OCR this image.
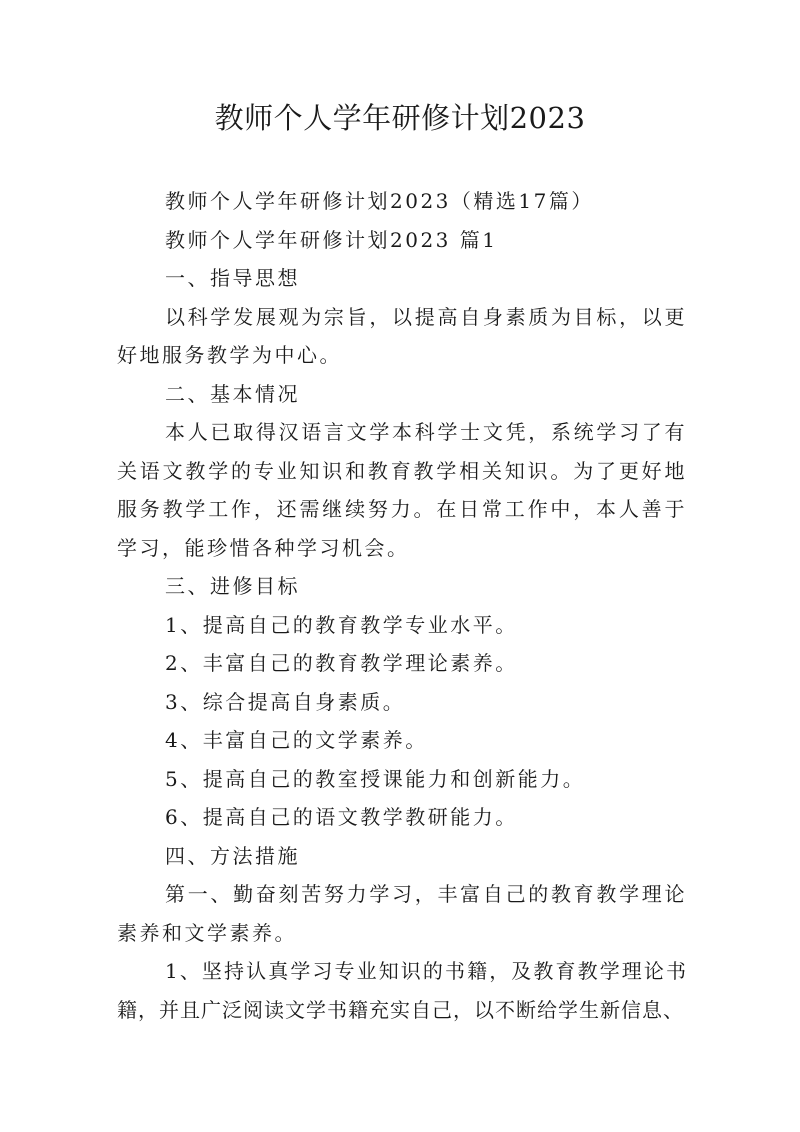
教师个人学年研修计划2023

教师个人学年研修计划2023（精选17篇）

教师个人学年研修计划2023 篇1

一、指导思想

以科学发展观为宗旨，以提高自身素质为目标，以更好地服务教学为中心。

二、基本情况

本人已取得汉语言文学本科学士文凭，系统学习了有关语文教学的专业知识和教育教学相关知识。为了更好地服务教学工作，还需继续努力。在日常工作中，本人善于学习，能珍惜各种学习机会。

三、进修目标

1、提高自己的教育教学专业水平。

2、丰富自己的教育教学理论素养。

3、综合提高自身素质。

4、丰富自己的文学素养。

5、提高自己的教室授课能力和创新能力。

6、提高自己的语文教学教研能力。

四、方法措施

第一、勤奋刻苦努力学习，丰富自己的教育教学理论素养和文学素养。

1、坚持认真学习专业知识的书籍，及教育教学理论书籍，并且广泛阅读文学书籍充实自己，以不断给学生新信息、
